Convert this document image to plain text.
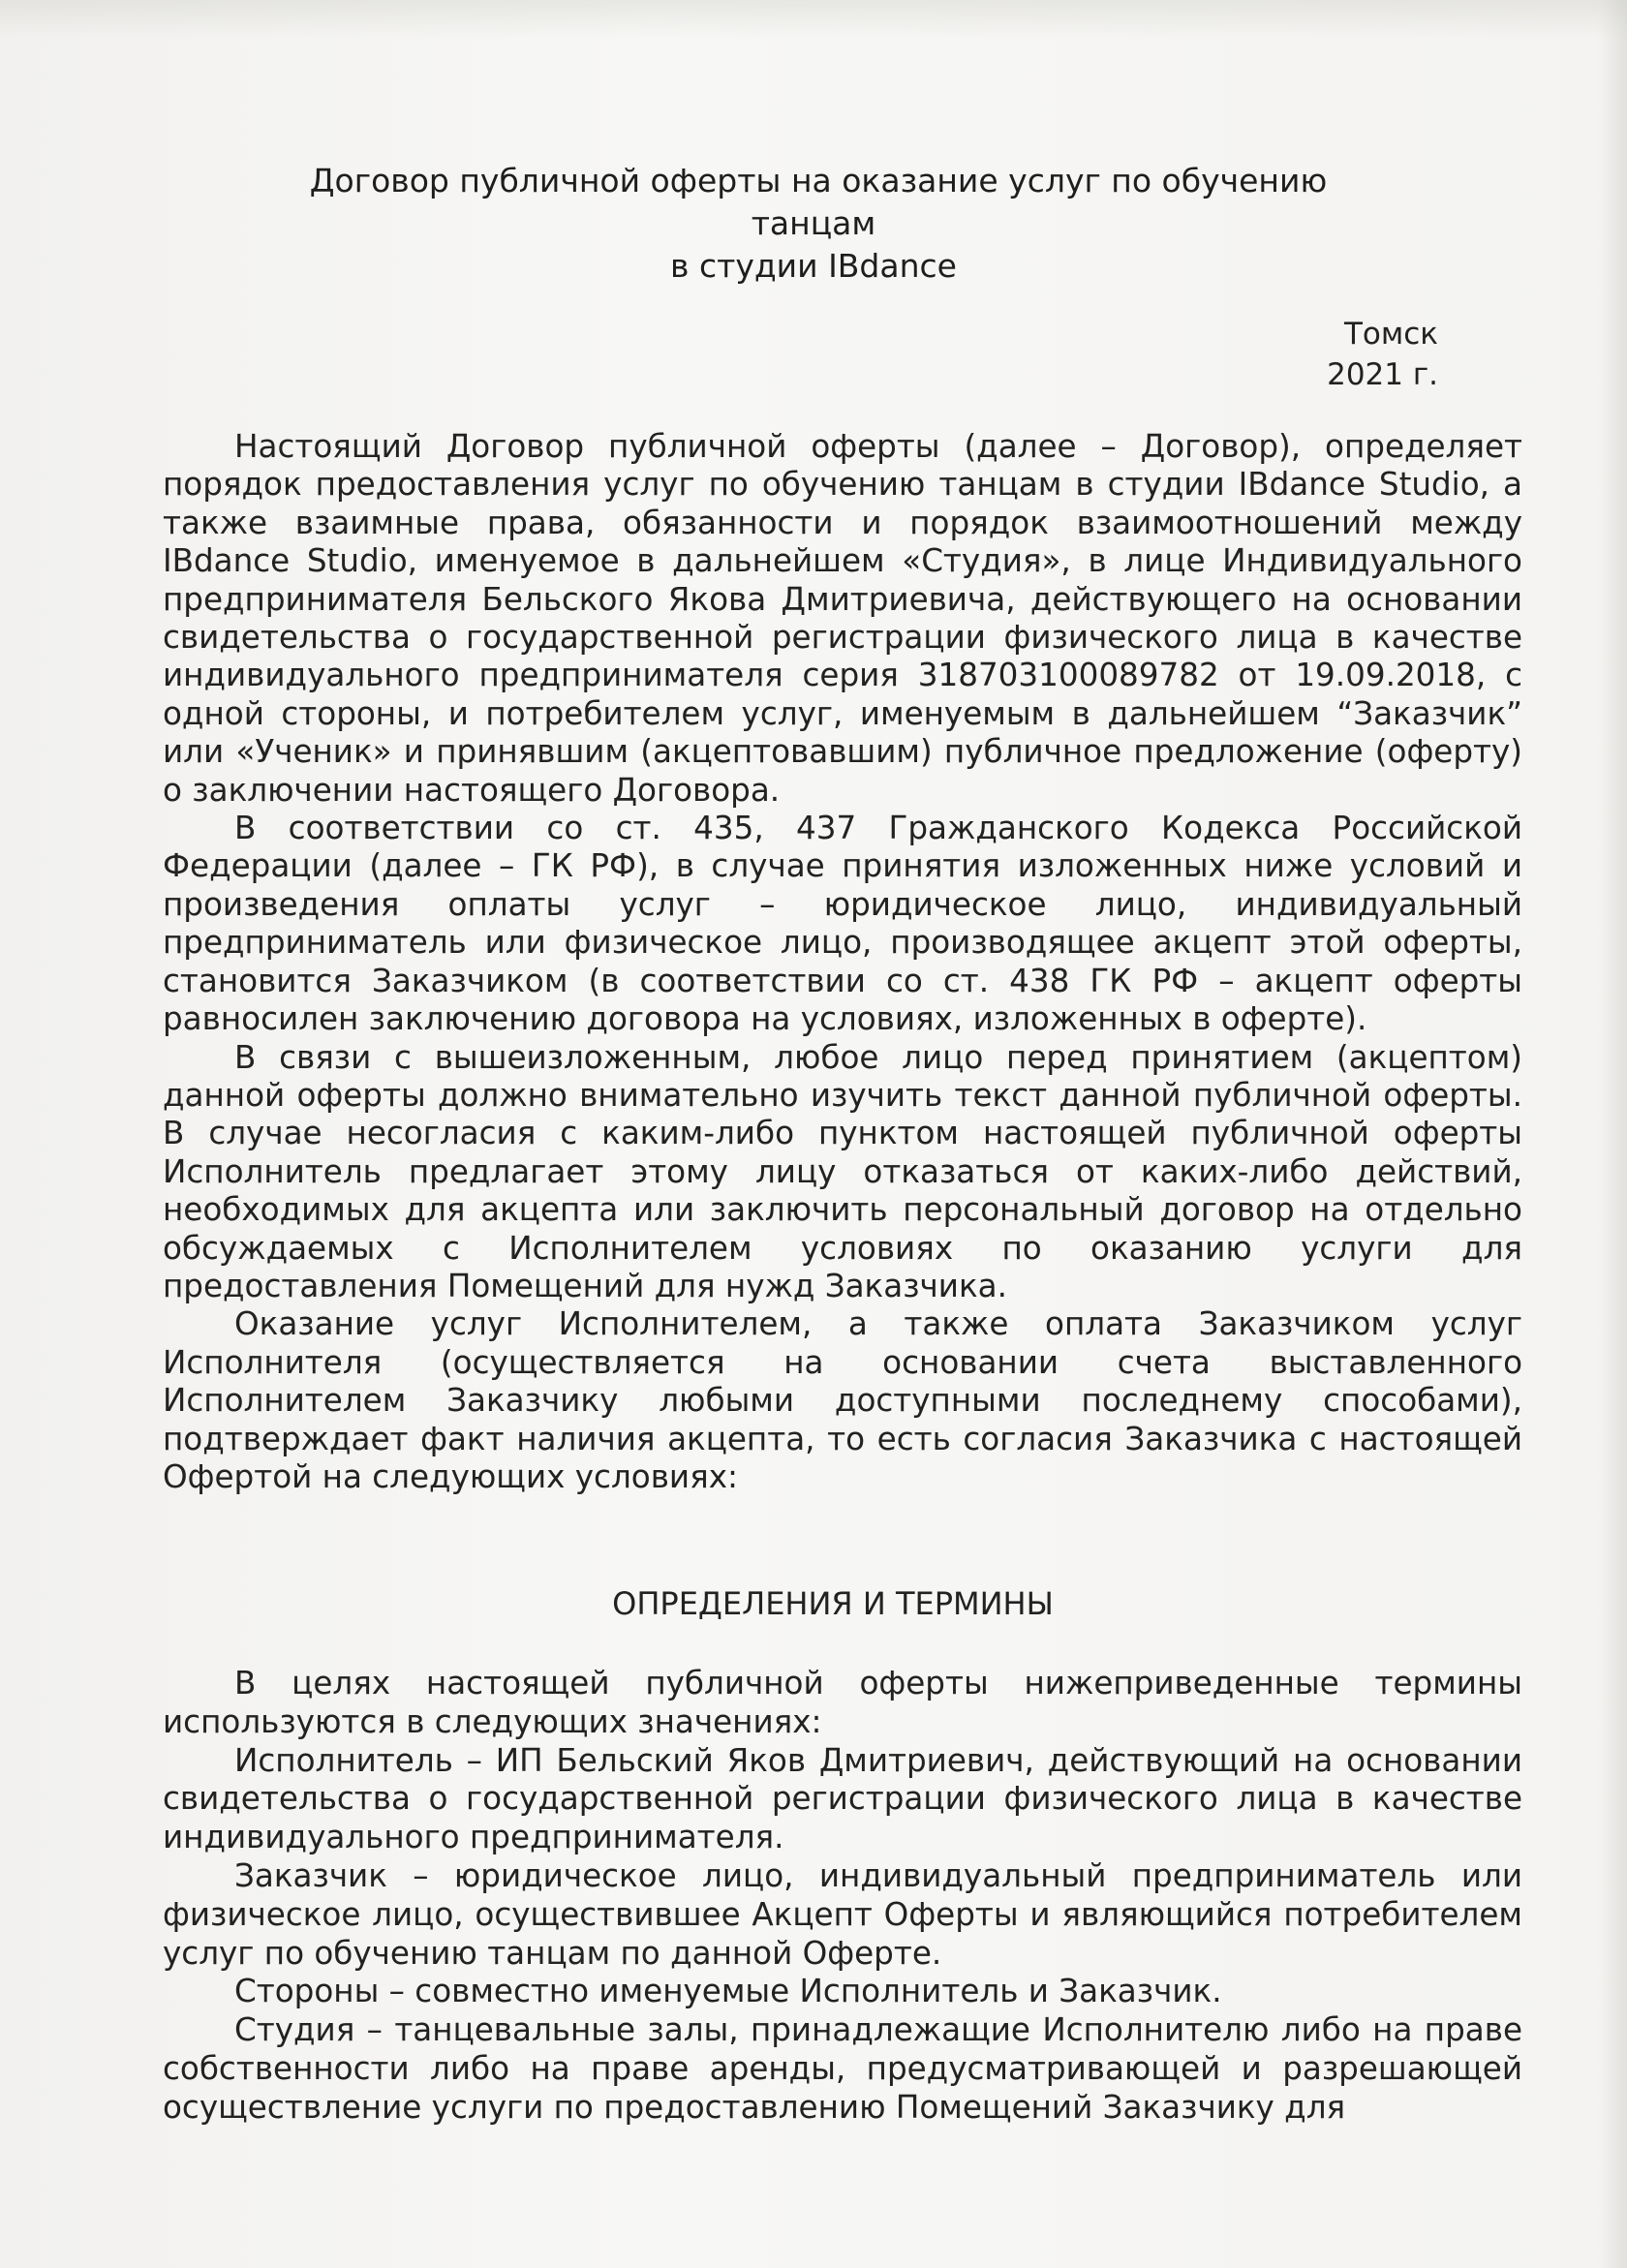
Договор публичной оферты на оказание услуг по обучению
танцам
в студии IBdance
Томск
2021 г.

Настоящий Договор публичной оферты (далее – Договор), определяет порядок предоставления услуг по обучению танцам в студии IBdance Studio, а также взаимные права, обязанности и порядок взаимоотношений между IBdance Studio, именуемое в дальнейшем «Студия», в лице Индивидуального предпринимателя Бельского Якова Дмитриевича, действующего на основании свидетельства о государственной регистрации физического лица в качестве индивидуального предпринимателя серия 318703100089782 от 19.09.2018, с одной стороны, и потребителем услуг, именуемым в дальнейшем “Заказчик” или «Ученик» и принявшим (акцептовавшим) публичное предложение (оферту) о заключении настоящего Договора.

В соответствии со ст. 435, 437 Гражданского Кодекса Российской Федерации (далее – ГК РФ), в случае принятия изложенных ниже условий и произведения оплаты услуг – юридическое лицо, индивидуальный предприниматель или физическое лицо, производящее акцепт этой оферты, становится Заказчиком (в соответствии со ст. 438 ГК РФ – акцепт оферты равносилен заключению договора на условиях, изложенных в оферте).

В связи с вышеизложенным, любое лицо перед принятием (акцептом) данной оферты должно внимательно изучить текст данной публичной оферты. В случае несогласия с каким-либо пунктом настоящей публичной оферты Исполнитель предлагает этому лицу отказаться от каких-либо действий, необходимых для акцепта или заключить персональный договор на отдельно обсуждаемых с Исполнителем условиях по оказанию услуги для предоставления Помещений для нужд Заказчика.

Оказание услуг Исполнителем, а также оплата Заказчиком услуг Исполнителя (осуществляется на основании счета выставленного Исполнителем Заказчику любыми доступными последнему способами), подтверждает факт наличия акцепта, то есть согласия Заказчика с настоящей Офертой на следующих условиях:

ОПРЕДЕЛЕНИЯ И ТЕРМИНЫ

В целях настоящей публичной оферты нижеприведенные термины используются в следующих значениях:

Исполнитель – ИП Бельский Яков Дмитриевич, действующий на основании свидетельства о государственной регистрации физического лица в качестве индивидуального предпринимателя.

Заказчик – юридическое лицо, индивидуальный предприниматель или физическое лицо, осуществившее Акцепт Оферты и являющийся потребителем услуг по обучению танцам по данной Оферте.

Стороны – совместно именуемые Исполнитель и Заказчик.

Студия – танцевальные залы, принадлежащие Исполнителю либо на праве собственности либо на праве аренды, предусматривающей и разрешающей осуществление услуги по предоставлению Помещений Заказчику для
